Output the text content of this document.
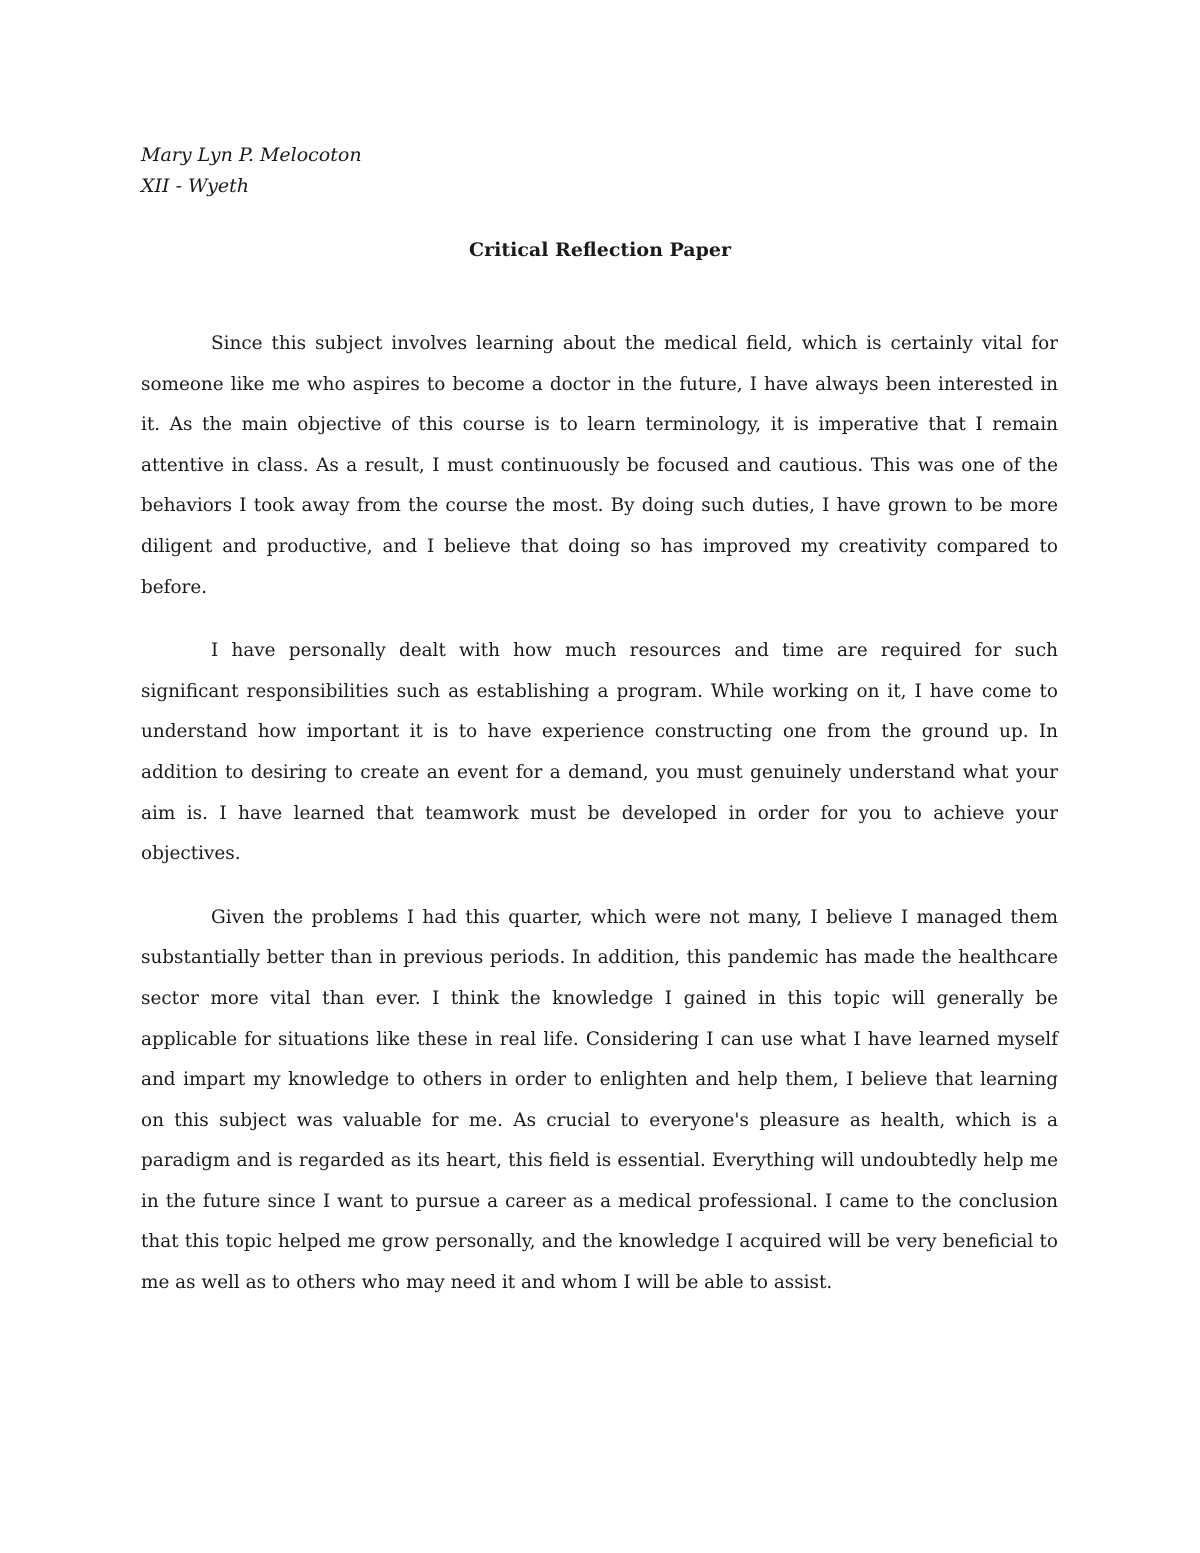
Mary Lyn P. Melocoton
XII - Wyeth
Critical Reflection Paper

Since this subject involves learning about the medical field, which is certainly vital for someone like me who aspires to become a doctor in the future, I have always been interested in it. As the main objective of this course is to learn terminology, it is imperative that I remain attentive in class. As a result, I must continuously be focused and cautious. This was one of the behaviors I took away from the course the most. By doing such duties, I have grown to be more diligent and productive, and I believe that doing so has improved my creativity compared to before.

I have personally dealt with how much resources and time are required for such significant responsibilities such as establishing a program. While working on it, I have come to understand how important it is to have experience constructing one from the ground up. In addition to desiring to create an event for a demand, you must genuinely understand what your aim is. I have learned that teamwork must be developed in order for you to achieve your objectives.

Given the problems I had this quarter, which were not many, I believe I managed them substantially better than in previous periods. In addition, this pandemic has made the healthcare sector more vital than ever. I think the knowledge I gained in this topic will generally be applicable for situations like these in real life. Considering I can use what I have learned myself and impart my knowledge to others in order to enlighten and help them, I believe that learning on this subject was valuable for me. As crucial to everyone's pleasure as health, which is a paradigm and is regarded as its heart, this field is essential. Everything will undoubtedly help me in the future since I want to pursue a career as a medical professional. I came to the conclusion that this topic helped me grow personally, and the knowledge I acquired will be very beneficial to me as well as to others who may need it and whom I will be able to assist.
